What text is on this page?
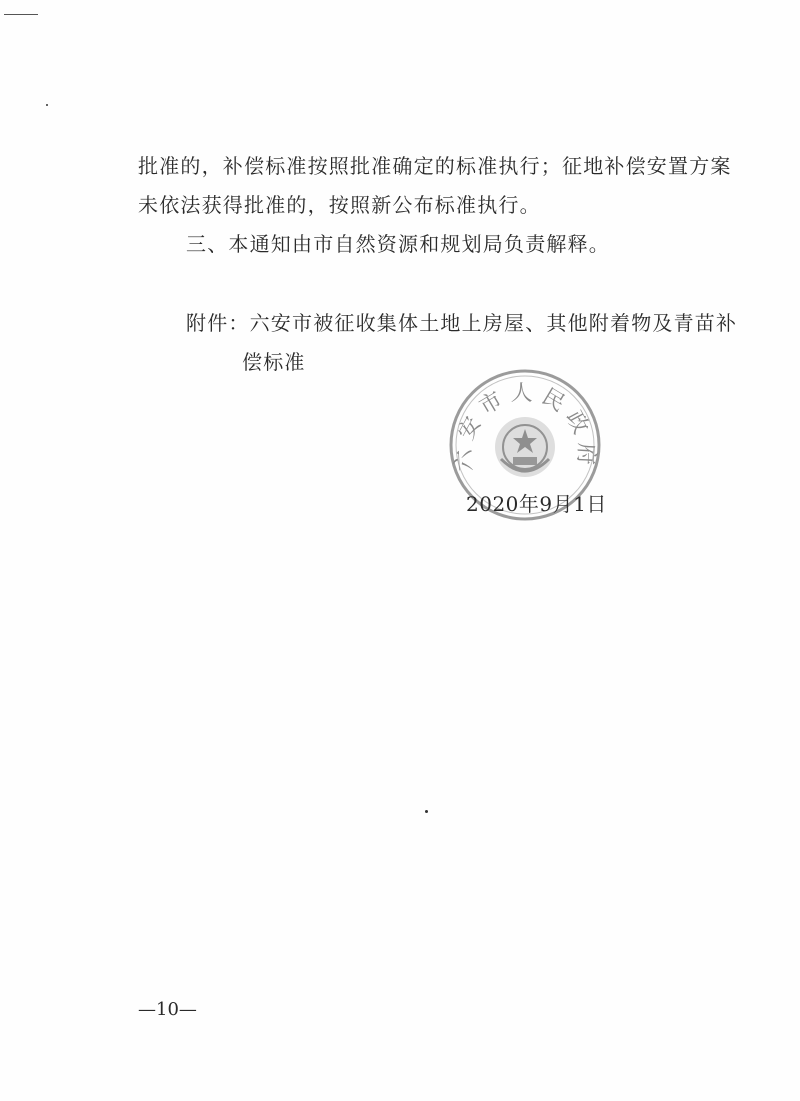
批准的，补偿标准按照批准确定的标准执行；征地补偿安置方案
未依法获得批准的，按照新公布标准执行。
三、本通知由市自然资源和规划局负责解释。
附件：六安市被征收集体土地上房屋、其他附着物及青苗补
偿标准
六安市人民政府
2020年9月1日
—10—
